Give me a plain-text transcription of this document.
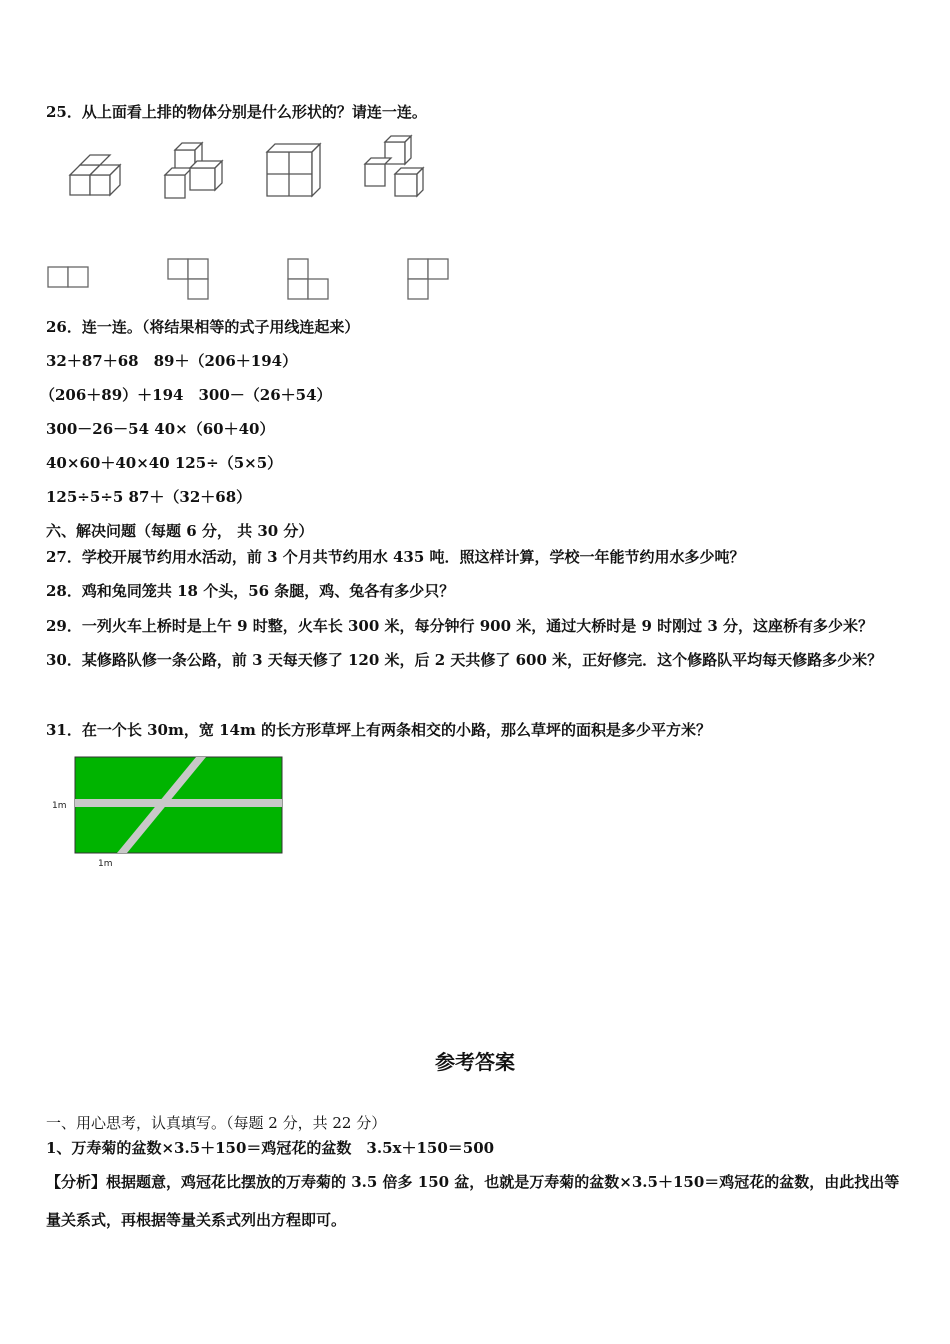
25．从上面看上排的物体分别是什么形状的？请连一连。
26．连一连。（将结果相等的式子用线连起来）
32＋87＋68　89＋（206＋194）
（206＋89）＋194　300－（26＋54）
300－26－54 40×（60＋40）
40×60＋40×40 125÷（5×5）
125÷5÷5 87＋（32＋68）
六、解决问题（每题 6 分， 共 30 分）
27．学校开展节约用水活动，前 3 个月共节约用水 435 吨．照这样计算，学校一年能节约用水多少吨？
28．鸡和兔同笼共 18 个头，56 条腿，鸡、兔各有多少只？
29．一列火车上桥时是上午 9 时整，火车长 300 米，每分钟行 900 米，通过大桥时是 9 时刚过 3 分，这座桥有多少米？
30．某修路队修一条公路，前 3 天每天修了 120 米，后 2 天共修了 600 米，正好修完．这个修路队平均每天修路多少米？
31．在一个长 30m，宽 14m 的长方形草坪上有两条相交的小路，那么草坪的面积是多少平方米？
1m
1m
参考答案
一、用心思考，认真填写。（每题 2 分，共 22 分）
1、万寿菊的盆数×3.5＋150＝鸡冠花的盆数　3.5x＋150＝500
【分析】根据题意，鸡冠花比摆放的万寿菊的 3.5 倍多 150 盆，也就是万寿菊的盆数×3.5＋150＝鸡冠花的盆数，由此找出等量关系式，再根据等量关系式列出方程即可。
